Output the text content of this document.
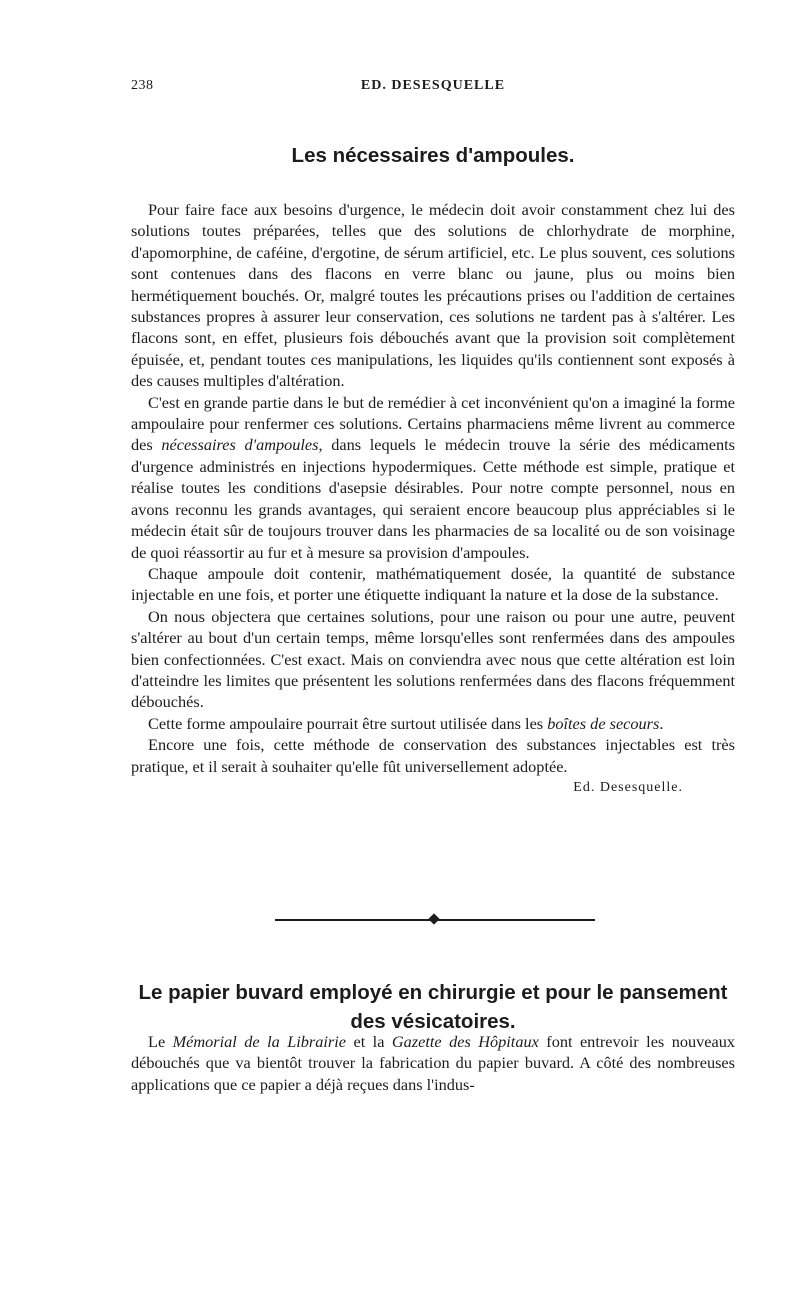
238	ED. DESESQUELLE
Les nécessaires d'ampoules.

Pour faire face aux besoins d'urgence, le médecin doit avoir constamment chez lui des solutions toutes préparées, telles que des solutions de chlorhydrate de morphine, d'apomorphine, de caféine, d'ergotine, de sérum artificiel, etc. Le plus souvent, ces solutions sont contenues dans des flacons en verre blanc ou jaune, plus ou moins bien hermétiquement bouchés. Or, malgré toutes les précautions prises ou l'addition de certaines substances propres à assurer leur conservation, ces solutions ne tardent pas à s'altérer. Les flacons sont, en effet, plusieurs fois débouchés avant que la provision soit complètement épuisée, et, pendant toutes ces manipulations, les liquides qu'ils contiennent sont exposés à des causes multiples d'altération.

C'est en grande partie dans le but de remédier à cet inconvénient qu'on a imaginé la forme ampoulaire pour renfermer ces solutions. Certains pharmaciens même livrent au commerce des nécessaires d'ampoules, dans lequels le médecin trouve la série des médicaments d'urgence administrés en injections hypodermiques. Cette méthode est simple, pratique et réalise toutes les conditions d'asepsie désirables. Pour notre compte personnel, nous en avons reconnu les grands avantages, qui seraient encore beaucoup plus appréciables si le médecin était sûr de toujours trouver dans les pharmacies de sa localité ou de son voisinage de quoi réassortir au fur et à mesure sa provision d'ampoules.

Chaque ampoule doit contenir, mathématiquement dosée, la quantité de substance injectable en une fois, et porter une étiquette indiquant la nature et la dose de la substance.

On nous objectera que certaines solutions, pour une raison ou pour une autre, peuvent s'altérer au bout d'un certain temps, même lorsqu'elles sont renfermées dans des ampoules bien confectionnées. C'est exact. Mais on conviendra avec nous que cette altération est loin d'atteindre les limites que présentent les solutions renfermées dans des flacons fréquemment débouchés.

Cette forme ampoulaire pourrait être surtout utilisée dans les boîtes de secours.

Encore une fois, cette méthode de conservation des substances injectables est très pratique, et il serait à souhaiter qu'elle fût universellement adoptée.

Ed. Desesquelle.
Le papier buvard employé en chirurgie et pour le pansement
des vésicatoires.

Le Mémorial de la Librairie et la Gazette des Hôpitaux font entrevoir les nouveaux débouchés que va bientôt trouver la fabrication du papier buvard. A côté des nombreuses applications que ce papier a déjà reçues dans l'indus-
